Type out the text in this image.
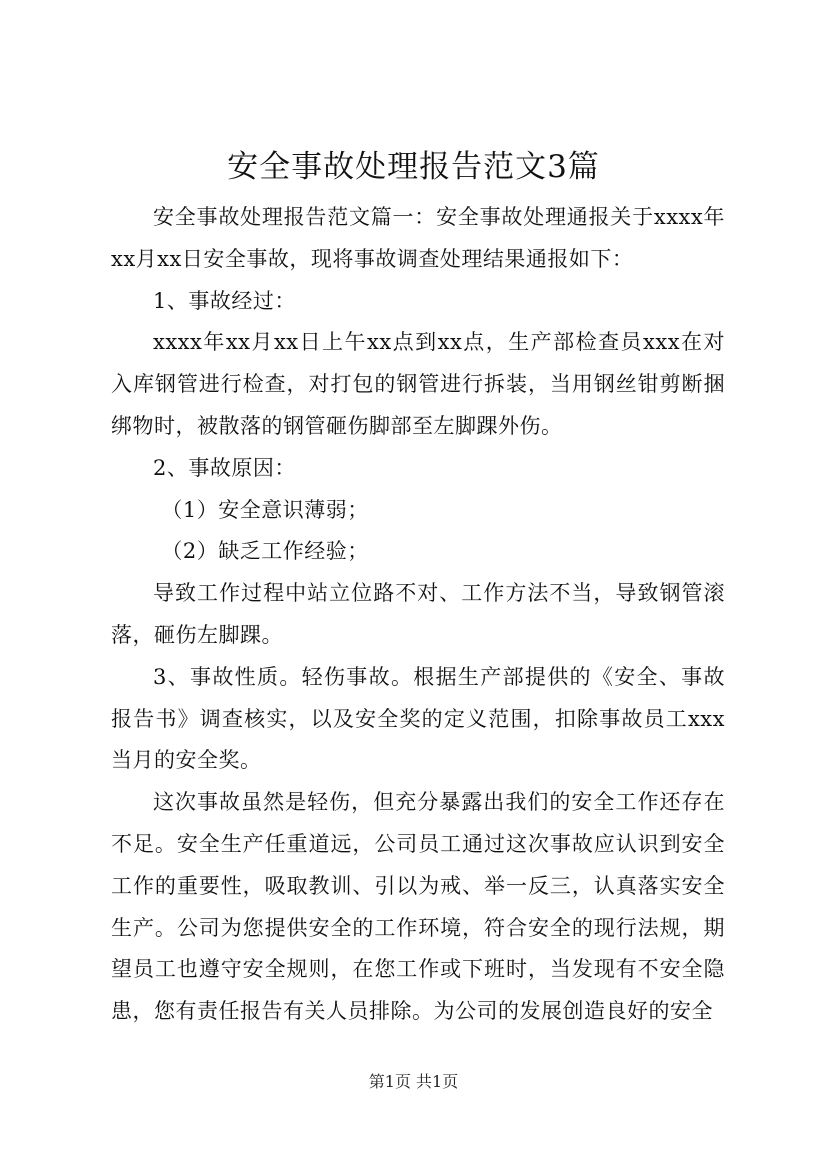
安全事故处理报告范文3篇

安全事故处理报告范文篇一：安全事故处理通报关于xxxx年xx月xx日安全事故，现将事故调查处理结果通报如下：

1、事故经过：

xxxx年xx月xx日上午xx点到xx点，生产部检查员xxx在对入库钢管进行检查，对打包的钢管进行拆装，当用钢丝钳剪断捆绑物时，被散落的钢管砸伤脚部至左脚踝外伤。

2、事故原因：

（1）安全意识薄弱；

（2）缺乏工作经验；

导致工作过程中站立位路不对、工作方法不当，导致钢管滚落，砸伤左脚踝。

3、事故性质。轻伤事故。根据生产部提供的《安全、事故报告书》调查核实，以及安全奖的定义范围，扣除事故员工xxx当月的安全奖。

这次事故虽然是轻伤，但充分暴露出我们的安全工作还存在不足。安全生产任重道远，公司员工通过这次事故应认识到安全工作的重要性，吸取教训、引以为戒、举一反三，认真落实安全生产。公司为您提供安全的工作环境，符合安全的现行法规，期望员工也遵守安全规则，在您工作或下班时，当发现有不安全隐患，您有责任报告有关人员排除。为公司的发展创造良好的安全

第1页 共1页
